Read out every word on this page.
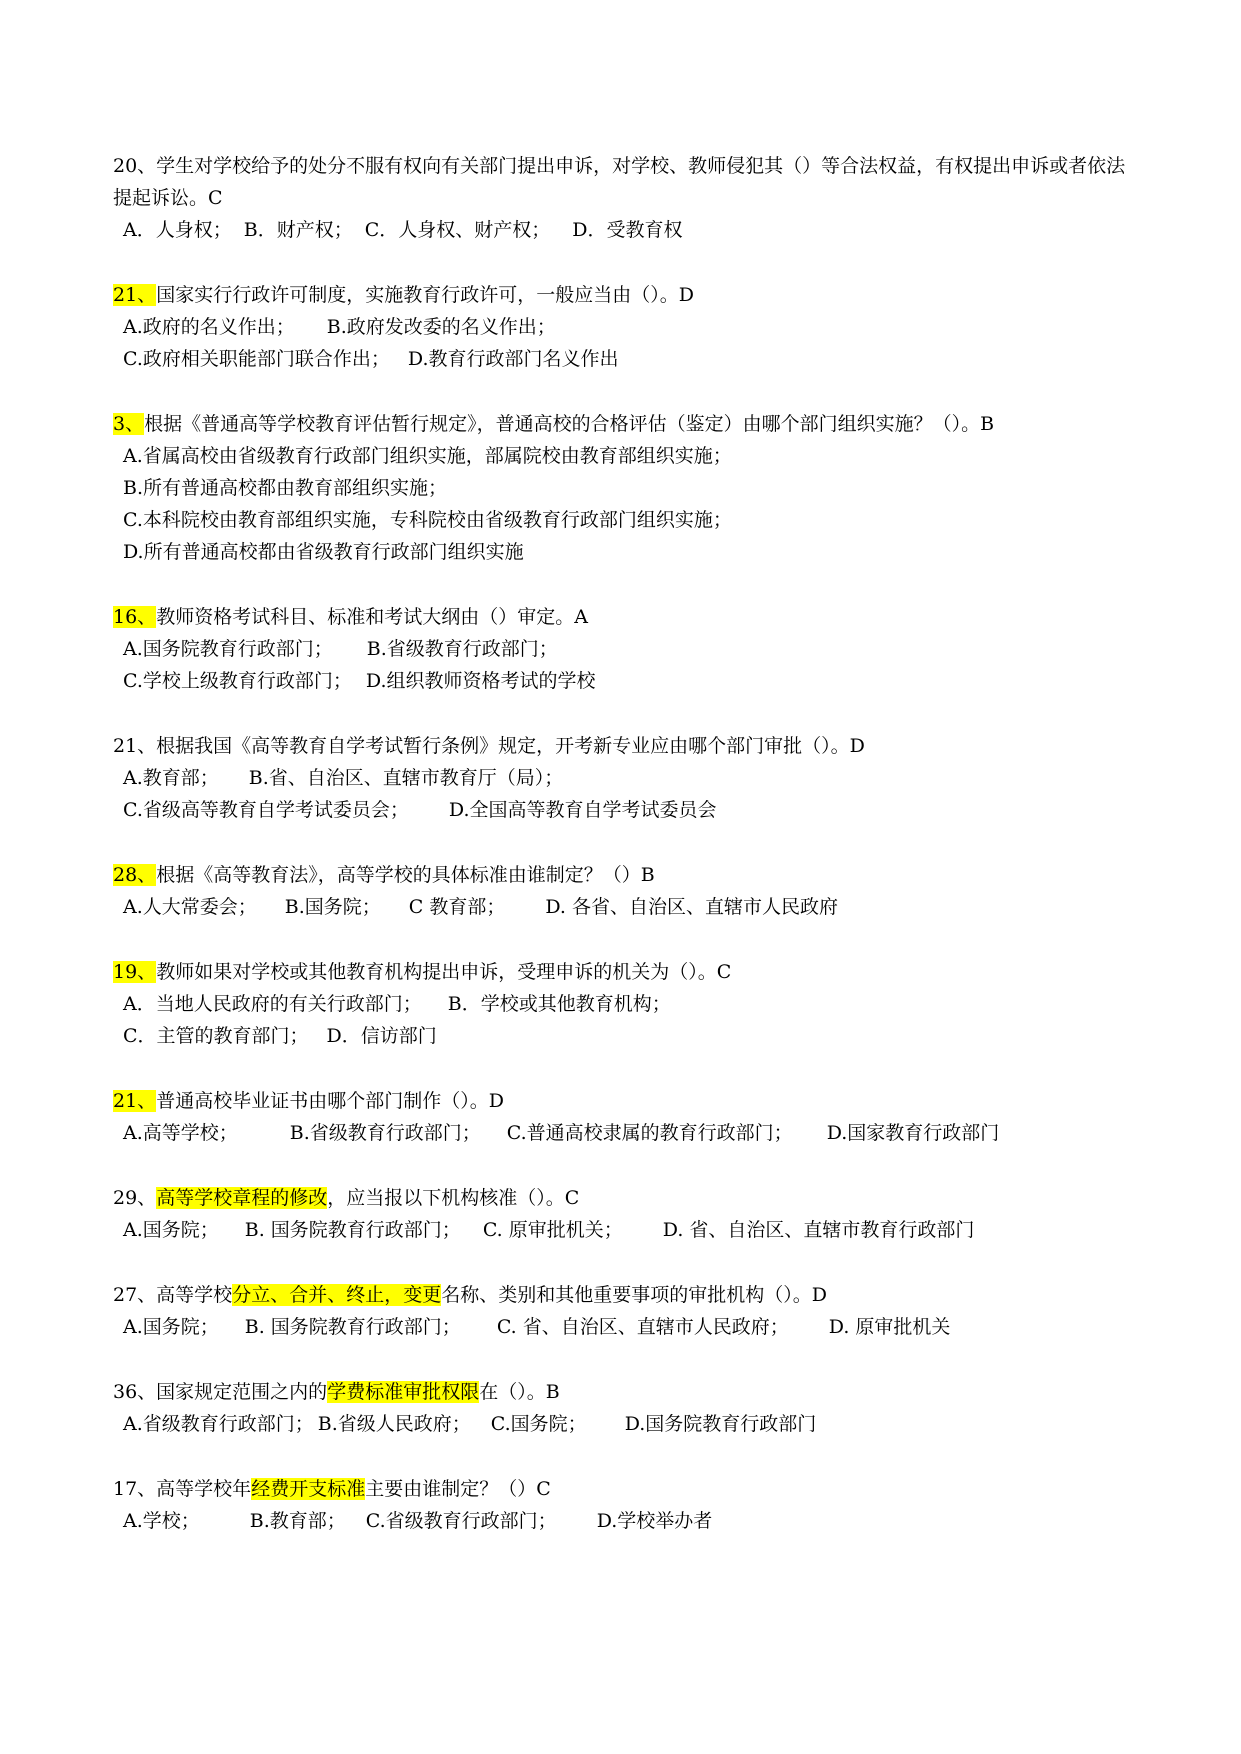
20、学生对学校给予的处分不服有权向有关部门提出申诉，对学校、教师侵犯其（）等合法权益，有权提出申诉或者依法提起诉讼。C
A．人身权； B．财产权； C．人身权、财产权； D．受教育权
21、国家实行行政许可制度，实施教育行政许可，一般应当由（）。D
A.政府的名义作出； B.政府发改委的名义作出；
C.政府相关职能部门联合作出； D.教育行政部门名义作出
3、根据《普通高等学校教育评估暂行规定》，普通高校的合格评估（鉴定）由哪个部门组织实施？（）。B
A.省属高校由省级教育行政部门组织实施，部属院校由教育部组织实施；
B.所有普通高校都由教育部组织实施；
C.本科院校由教育部组织实施，专科院校由省级教育行政部门组织实施；
D.所有普通高校都由省级教育行政部门组织实施
16、教师资格考试科目、标准和考试大纲由（）审定。A
A.国务院教育行政部门； B.省级教育行政部门；
C.学校上级教育行政部门； D.组织教师资格考试的学校
21、根据我国《高等教育自学考试暂行条例》规定，开考新专业应由哪个部门审批（）。D
A.教育部； B.省、自治区、直辖市教育厅（局）；
C.省级高等教育自学考试委员会； D.全国高等教育自学考试委员会
28、根据《高等教育法》，高等学校的具体标准由谁制定？（）B
A.人大常委会； B.国务院； C 教育部； D. 各省、自治区、直辖市人民政府
19、教师如果对学校或其他教育机构提出申诉，受理申诉的机关为（）。C
A．当地人民政府的有关行政部门； B．学校或其他教育机构；
C．主管的教育部门； D．信访部门
21、普通高校毕业证书由哪个部门制作（）。D
A.高等学校；	B.省级教育行政部门； C.普通高校隶属的教育行政部门； D.国家教育行政部门
29、高等学校章程的修改，应当报以下机构核准（）。C
A.国务院； B. 国务院教育行政部门； C. 原审批机关； D. 省、自治区、直辖市教育行政部门
27、高等学校分立、合并、终止，变更名称、类别和其他重要事项的审批机构（）。D
A.国务院； B. 国务院教育行政部门； C. 省、自治区、直辖市人民政府； D. 原审批机关
36、国家规定范围之内的学费标准审批权限在（）。B
A.省级教育行政部门； B.省级人民政府； C.国务院； D.国务院教育行政部门
17、高等学校年经费开支标准主要由谁制定？（）C
A.学校；	B.教育部； C.省级教育行政部门； D.学校举办者
